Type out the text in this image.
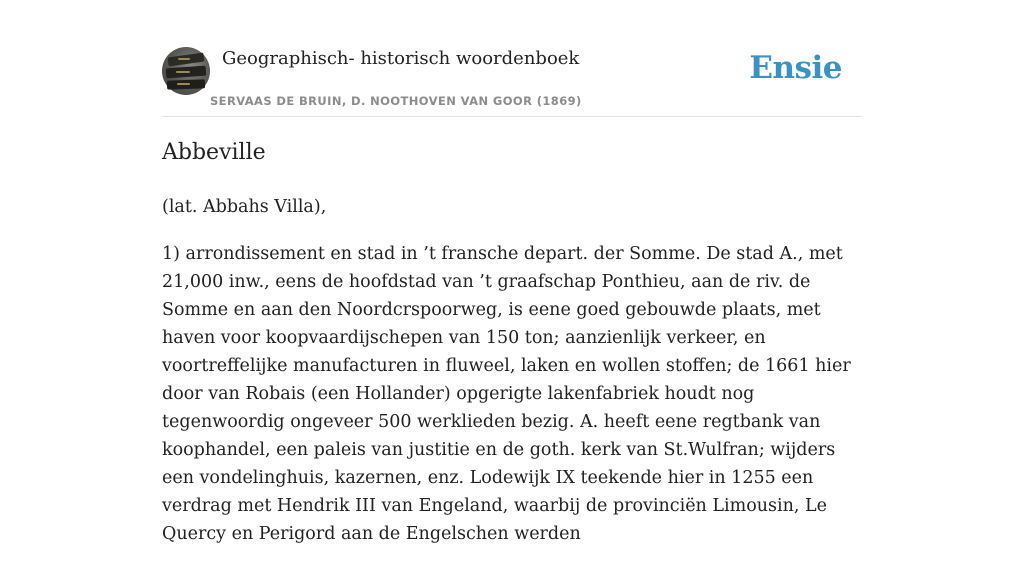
Geographisch- historisch woordenboek
SERVAAS DE BRUIN, D. NOOTHOVEN VAN GOOR (1869)
Ensie
Abbeville

(lat. Abbahs Villa),

1) arrondissement en stad in ’t fransche depart. der Somme. De stad A., met 21,000 inw., eens de hoofdstad van ’t graafschap Ponthieu, aan de riv. de Somme en aan den Noordcrspoorweg, is eene goed gebouwde plaats, met haven voor koopvaardijschepen van 150 ton; aanzienlijk verkeer, en voortreffelijke manufacturen in fluweel, laken en wollen stoffen; de 1661 hier door van Robais (een Hollander) opgerigte lakenfabriek houdt nog tegenwoordig ongeveer 500 werklieden bezig. A. heeft eene regtbank van koophandel, een paleis van justitie en de goth. kerk van St.Wulfran; wijders een vondelinghuis, kazernen, enz. Lodewijk IX teekende hier in 1255 een verdrag met Hendrik III van Engeland, waarbij de provinciën Limousin, Le Quercy en Perigord aan de Engelschen werden
